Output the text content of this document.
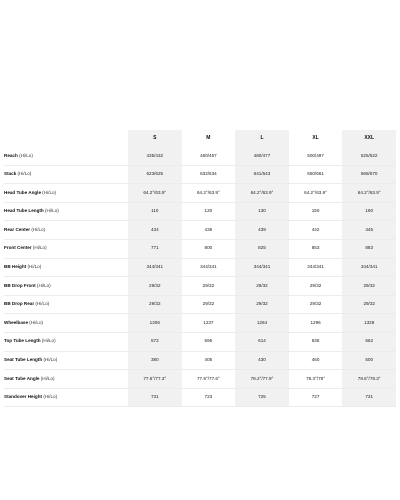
	S	M	L	XL	XXL
Reach (Hi/Lo)	435/432	460/457	480/477	500/497	525/522
Stack (Hi/Lo)	623/625	632/634	641/643	650/661	668/670
Head Tube Angle (Hi/Lo)	64.2°/63.9°	64.2°/63.9°	64.2°/63.9°	64.2°/63.9°	64.2°/63.9°
Head Tube Length (Hi/Lo)	110	120	130	150	160
Rear Center (Hi/Lo)	434	436	439	442	445
Front Center (Hi/Lo)	771	800	825	853	883
BB Height (Hi/Lo)	344/341	344/341	344/341	344/341	344/341
BB Drop Front (Hi/Lo)	29/32	29/32	29/32	29/32	29/32
BB Drop Rear (Hi/Lo)	29/32	29/32	29/32	29/32	29/32
Wheelbase (Hi/Lo)	1206	1237	1264	1296	1328
Top Tube Length (Hi/Lo)	572	595	614	636	662
Seat Tube Length (Hi/Lo)	380	405	430	460	500
Seat Tube Angle (Hi/Lo)	77.6°/77.3°	77.9°/77.6°	78.2°/77.9°	78.3°/78°	78.6°/78.3°
Standover Height (Hi/Lo)	731	723	725	727	731
